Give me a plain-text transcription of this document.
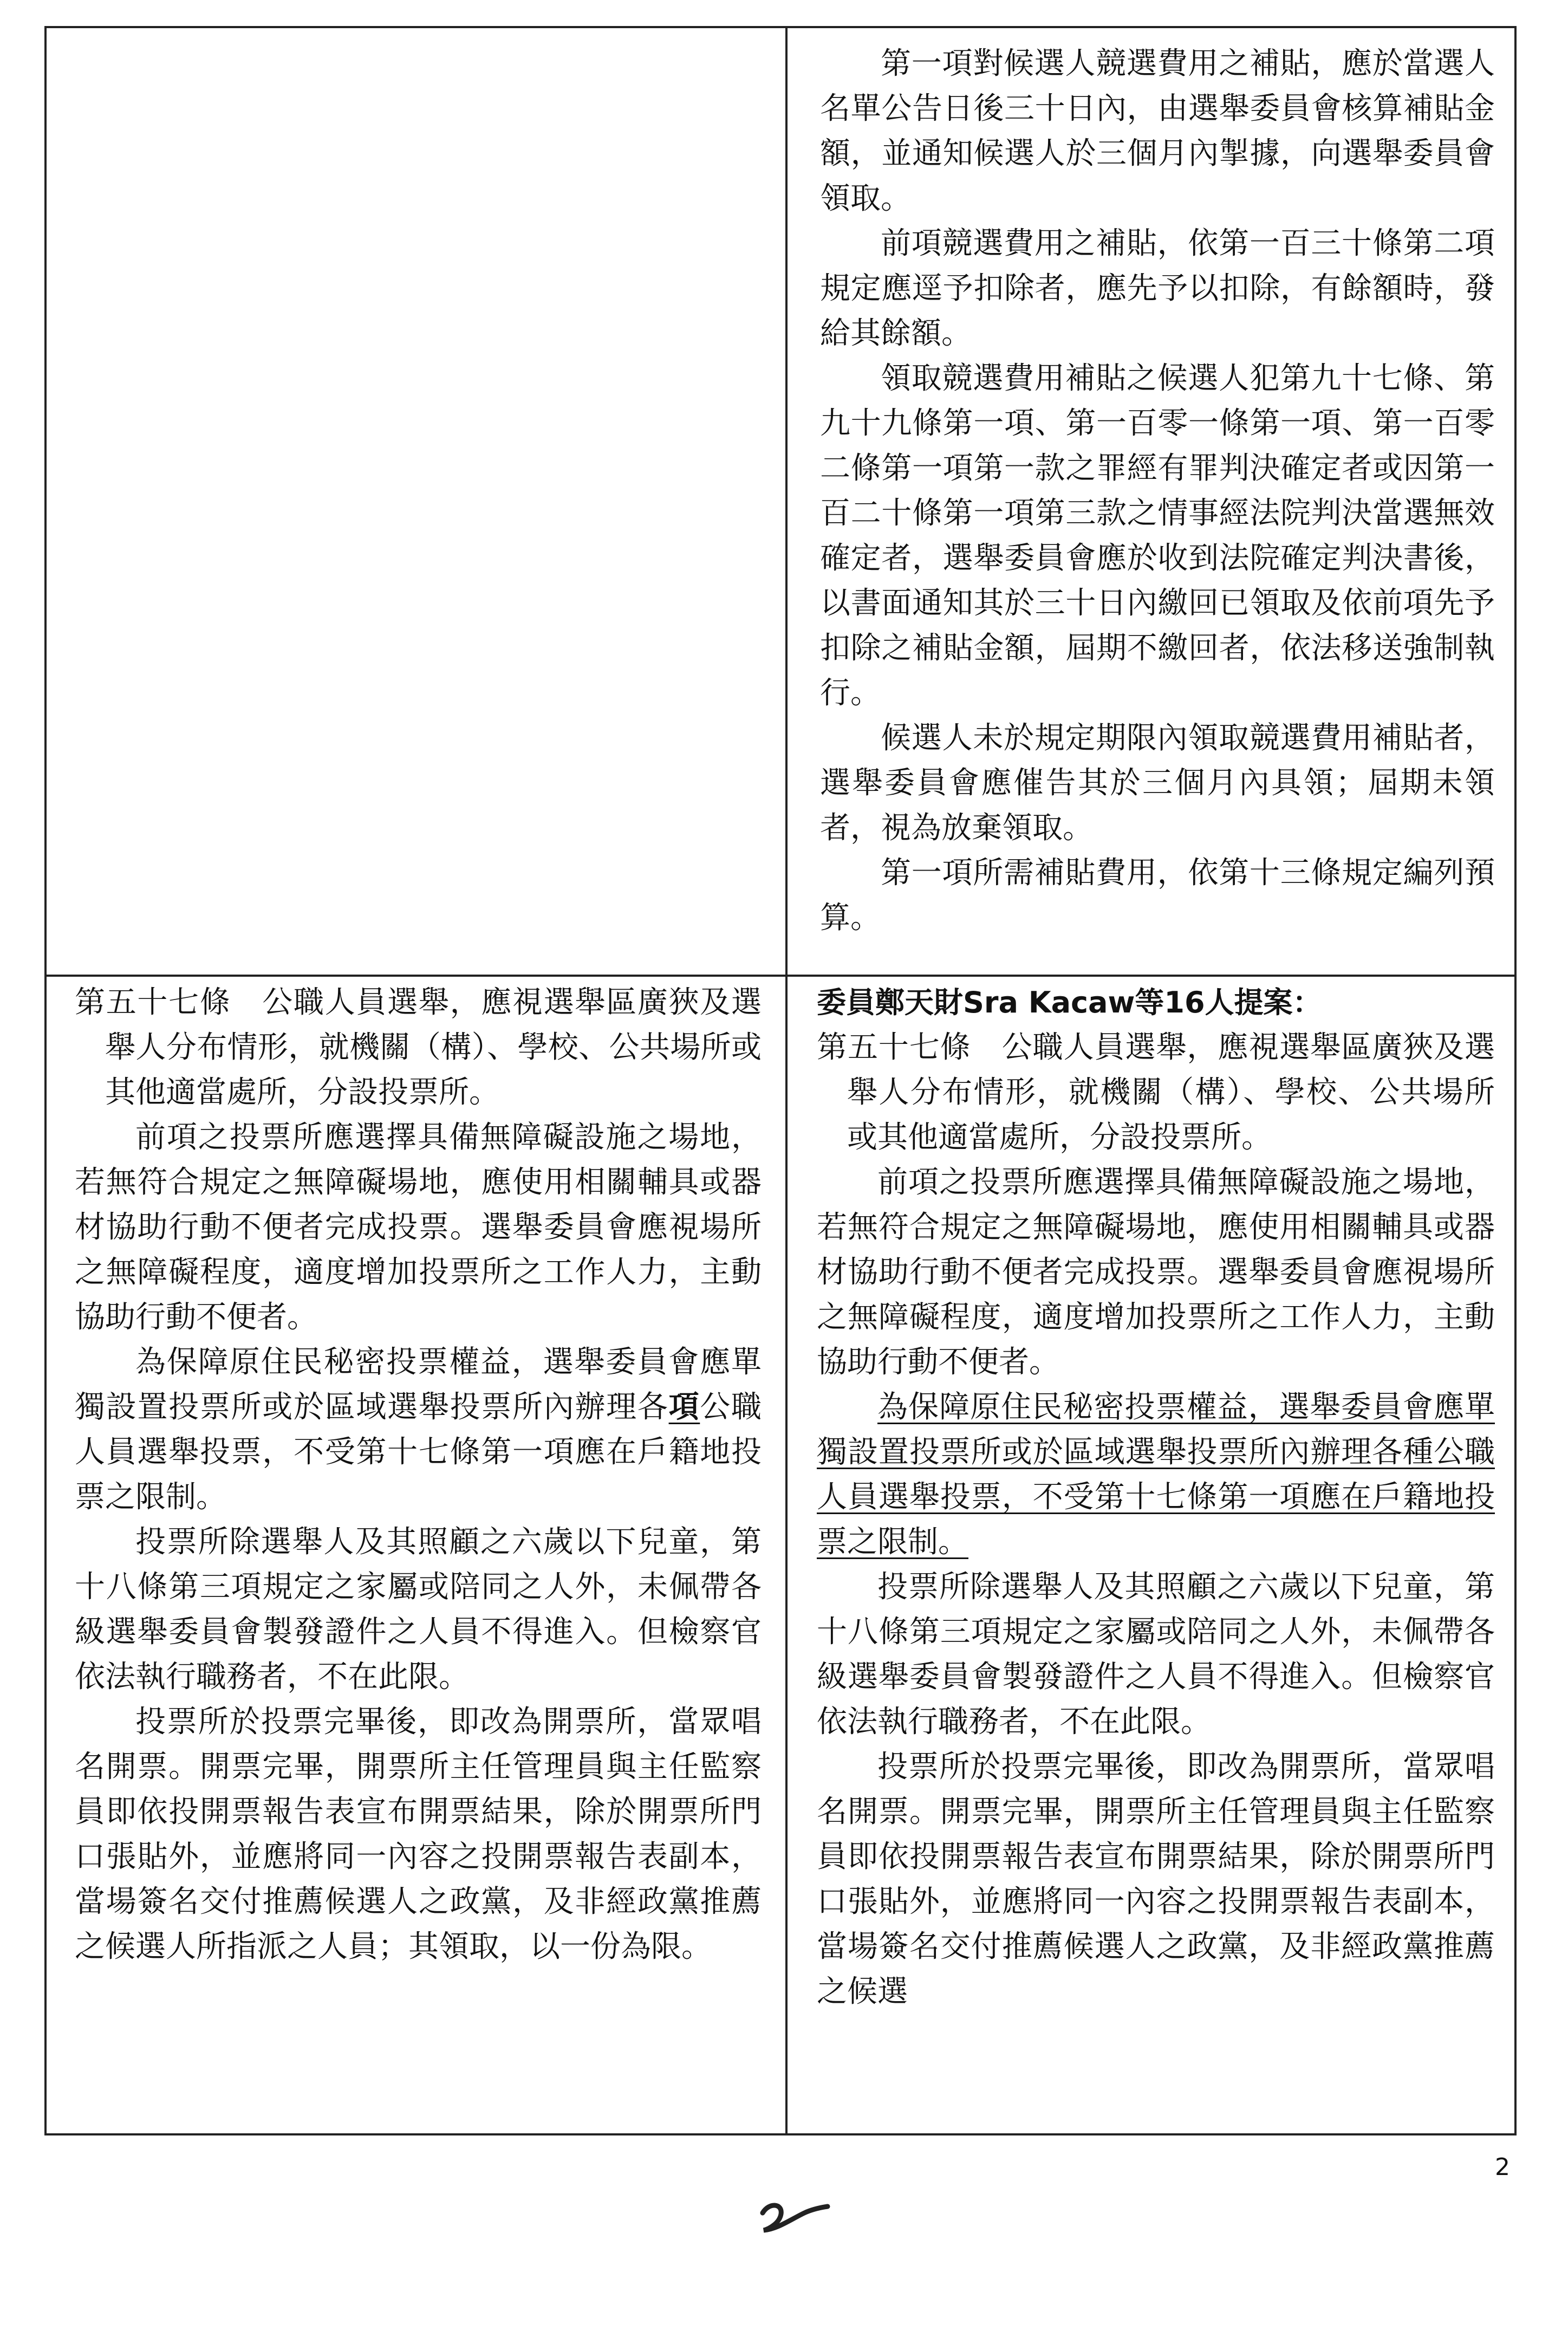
第一項對候選人競選費用之補貼，應於當選人名單公告日後三十日內，由選舉委員會核算補貼金額，並通知候選人於三個月內掣據，向選舉委員會領取。

前項競選費用之補貼，依第一百三十條第二項規定應逕予扣除者，應先予以扣除，有餘額時，發給其餘額。

領取競選費用補貼之候選人犯第九十七條、第九十九條第一項、第一百零一條第一項、第一百零二條第一項第一款之罪經有罪判決確定者或因第一百二十條第一項第三款之情事經法院判決當選無效確定者，選舉委員會應於收到法院確定判決書後，以書面通知其於三十日內繳回已領取及依前項先予扣除之補貼金額，屆期不繳回者，依法移送強制執行。

候選人未於規定期限內領取競選費用補貼者，選舉委員會應催告其於三個月內具領；屆期未領者，視為放棄領取。

第一項所需補貼費用，依第十三條規定編列預算。

第五十七條　公職人員選舉，應視選舉區廣狹及選舉人分布情形，就機關（構）、學校、公共場所或其他適當處所，分設投票所。

前項之投票所應選擇具備無障礙設施之場地，若無符合規定之無障礙場地，應使用相關輔具或器材協助行動不便者完成投票。選舉委員會應視場所之無障礙程度，適度增加投票所之工作人力，主動協助行動不便者。

為保障原住民秘密投票權益，選舉委員會應單獨設置投票所或於區域選舉投票所內辦理各項公職人員選舉投票，不受第十七條第一項應在戶籍地投票之限制。

投票所除選舉人及其照顧之六歲以下兒童，第十八條第三項規定之家屬或陪同之人外，未佩帶各級選舉委員會製發證件之人員不得進入。但檢察官依法執行職務者，不在此限。

投票所於投票完畢後，即改為開票所，當眾唱名開票。開票完畢，開票所主任管理員與主任監察員即依投開票報告表宣布開票結果，除於開票所門口張貼外，並應將同一內容之投開票報告表副本，當場簽名交付推薦候選人之政黨，及非經政黨推薦之候選人所指派之人員；其領取，以一份為限。

委員鄭天財Sra Kacaw等16人提案：

第五十七條　公職人員選舉，應視選舉區廣狹及選舉人分布情形，就機關（構）、學校、公共場所或其他適當處所，分設投票所。

前項之投票所應選擇具備無障礙設施之場地，若無符合規定之無障礙場地，應使用相關輔具或器材協助行動不便者完成投票。選舉委員會應視場所之無障礙程度，適度增加投票所之工作人力，主動協助行動不便者。

為保障原住民秘密投票權益，選舉委員會應單獨設置投票所或於區域選舉投票所內辦理各種公職人員選舉投票，不受第十七條第一項應在戶籍地投票之限制。

投票所除選舉人及其照顧之六歲以下兒童，第十八條第三項規定之家屬或陪同之人外，未佩帶各級選舉委員會製發證件之人員不得進入。但檢察官依法執行職務者，不在此限。

投票所於投票完畢後，即改為開票所，當眾唱名開票。開票完畢，開票所主任管理員與主任監察員即依投開票報告表宣布開票結果，除於開票所門口張貼外，並應將同一內容之投開票報告表副本，當場簽名交付推薦候選人之政黨，及非經政黨推薦之候選

2
